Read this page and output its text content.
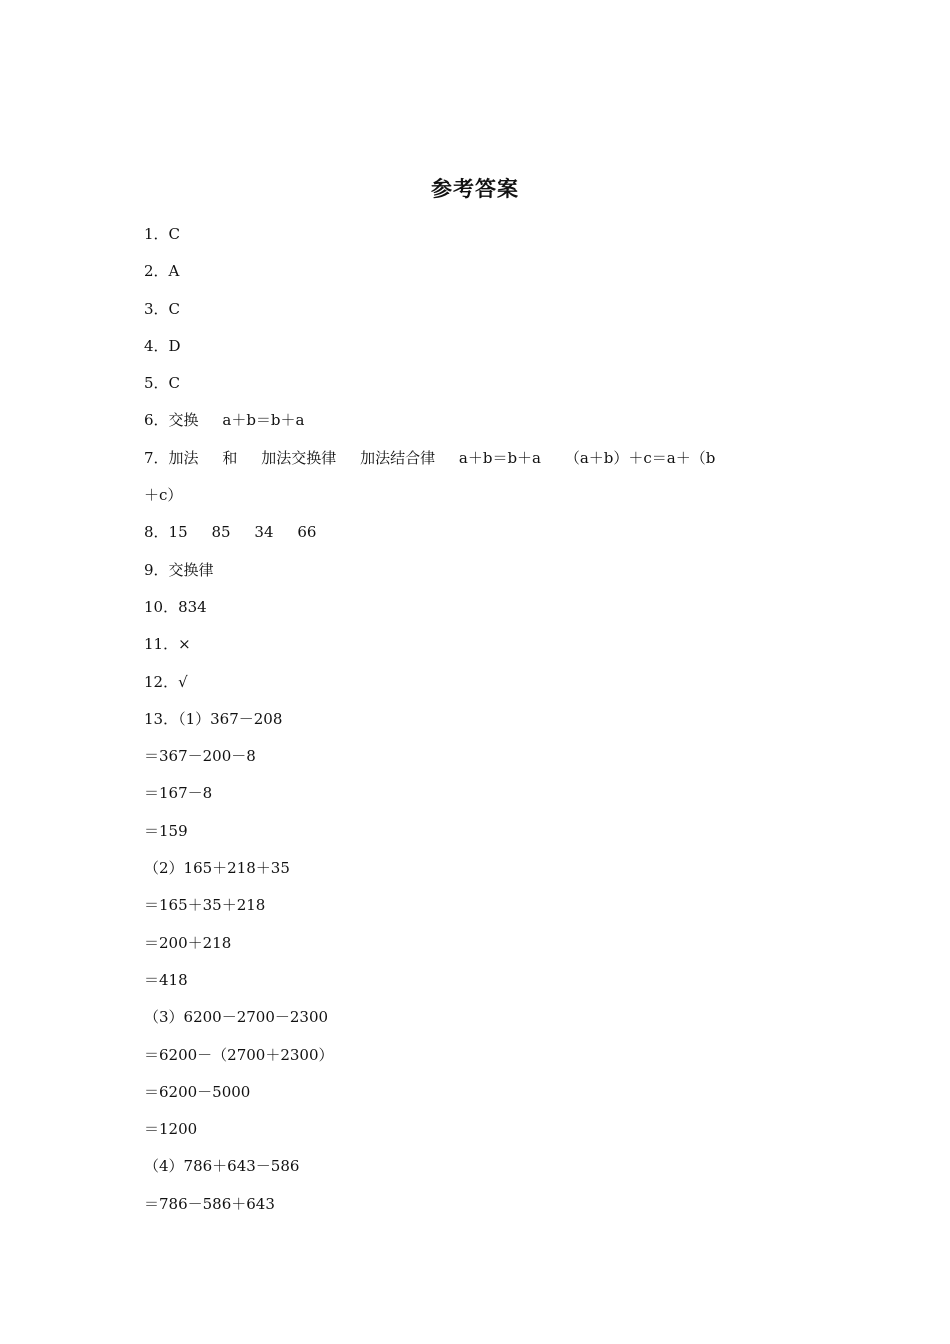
参考答案
1．C
2．A
3．C
4．D
5．C
6．交换     a＋b＝b＋a
7．加法     和     加法交换律     加法结合律     a＋b＝b＋a     （a＋b）＋c＝a＋（b
＋c）
8．15     85     34     66
9．交换律
10．834
11．×
12．√
13．（1）367－208
＝367－200－8
＝167－8
＝159
（2）165＋218＋35
＝165＋35＋218
＝200＋218
＝418
（3）6200－2700－2300
＝6200－（2700＋2300）
＝6200－5000
＝1200
（4）786＋643－586
＝786－586＋643
